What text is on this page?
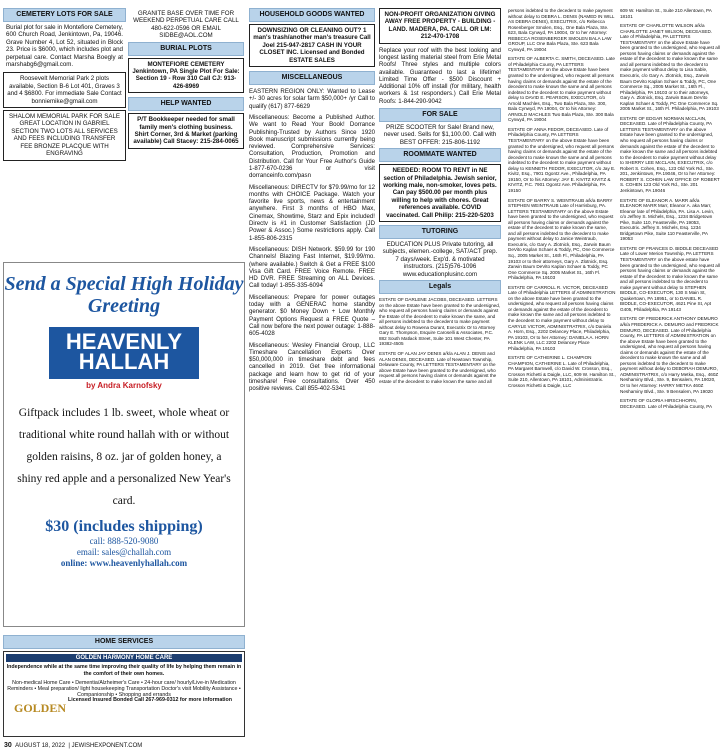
CEMETERY LOTS FOR SALE
Burial plot for sale in Montefiore Cemetery, 600 Church Road, Jenkintown, Pa, 19046. Grave Number 4, Lot 52, situated in Block 23. Price is $6000, which includes plot and perpetual care. Contact Marsha Boegly at marshabg6@gmail.com.
Roosevelt Memorial Park 2 plots available, Section B-6 Lot 401, Graves 3 and 4 $6800. For immediate Sale Contact bonniemike@gmail.com
SHALOM MEMORIAL PARK FOR SALE GREAT LOCATION IN GABRIEL SECTION TWO LOTS ALL SERVICES AND FEES INCLUDING TRANSFER FEE BRONZE PLACQUE WITH ENGRAVING
GRANITE BASE OVER TIME FOR WEEKEND PERPETUAL CARE CALL 480-622-0596 OR EMAIL SIDBE@AOL.COM
BURIAL PLOTS
MONTEFIORE CEMETERY Jenkintown, PA Single Plot For Sale: Section 19 - Row 310 Call CJ: 913-426-8969
HELP WANTED
P/T Bookkeeper needed for small family men's clothing business. Shirt Corner, 3rd & Market (parking available) Call Stacey: 215-284-0065
Send a Special High Holiday Greeting
HEAVENLY
HALLAH
by Andra Karnofsky
Giftpack includes 1 lb. sweet, whole wheat or traditional white round hallah with or without golden raisins, 8 oz. jar of golden honey, a shiny red apple and a personalized New Year's card.
$30 (includes shipping)
call: 888-520-9080
email: sales@challah.com
online: www.heavenlyhallah.com
HOME SERVICES
GOLDEN HARMONY HOME CARE
Independence while at the same time improving their quality of life by helping them remain in the comfort of their own homes.
Non-medical Home Care • Dementia/Alzheimer's Care • 24-hour care/ hourly/Live-in Medication Reminders • Meal preparation/ light housekeeping Transportation Doctor's visit Mobility Assistance • Companionship • Shopping and errands
GOLDEN
Licensed Insured Bonded Call 267-969-0312 for more information
HOUSEHOLD GOODS WANTED
DOWNSIZING OR CLEANING OUT? 1 man's trash/another man's treasure Call Joel 215-947-2817 CASH IN YOUR CLOSET INC. Licensed and Bonded ESTATE SALES
MISCELLANEOUS

EASTERN REGION ONLY: Wanted to Lease +/- 30 acres for solar farm $50,000+ /yr Call to qualify (617) 877-6629

Miscellaneous: Become a Published Author. We want to Read Your Book! Dorrance Publishing-Trusted by Authors Since 1920 Book manuscript submissions currently being reviewed. Comprehensive Services: Consultation, Production, Promotion and Distribution. Call for Your Free Author's Guide 1-877-670-0236 or visit dorranceinfo.com/pasn

Miscellaneous: DIRECTV for $79.99/mo for 12 months with CHOICE Package. Watch your favorite live sports, news & entertainment anywhere. First 3 months of HBO Max, Cinemax, Showtime, Starz and Epix included! Directv is #1 in Customer Satisfaction (JD Power & Assoc.) Some restrictions apply. Call 1-855-806-2315

Miscellaneous: DISH Network. $59.99 for 190 Channels! Blazing Fast Internet, $19.99/mo. (where available.) Switch & Get a FREE $100 Visa Gift Card. FREE Voice Remote. FREE HD DVR. FREE Streaming on ALL Devices. Call today! 1-855-335-6094

Miscellaneous: Prepare for power outages today with a GENERAC home standby generator. $0 Money Down + Low Monthly Payment Options Request a FREE Quote – Call now before the next power outage: 1-888-605-4028

Miscellaneous: Wesley Financial Group, LLC Timeshare Cancellation Experts Over $50,000,000 in timeshare debt and fees cancelled in 2019. Get free informational package and learn how to get rid of your timeshare! Free consultations. Over 450 positive reviews. Call 855-402-5341

NON-PROFIT ORGANIZATION GIVING AWAY FREE PROPERTY - BUILDING - LAND. MADERA, PA. CALL OR LM: 212-470-1708
Replace your roof with the best looking and longest lasting material steel from Erie Metal Roofs! Three styles and multiple colors available. Guaranteed to last a lifetime! Limited Time Offer - $500 Discount + Additional 10% off install (for military, health workers & 1st responders.) Call Erie Metal Roofs: 1-844-290-9042
FOR SALE
PRIZE SCOOTER for Sale! Brand new, never used. Sells for $1,100.00. Call with BEST OFFER: 215-806-1192
ROOMMATE WANTED
NEEDED: ROOM TO RENT in NE section of Philadelphia. Jewish senior, working male, non-smoker, loves pets. Can pay $500.00 per month plus willing to help with chores. Great references available. COVID vaccinated. Call Philip: 215-220-5203
TUTORING
EDUCATION PLUS Private tutoring, all subjects, elemen.-college, SAT/ACT prep. 7 days/week. Exp'd. & motivated instructors. (215)576-1096 www.educationplusinc.com
Legals

ESTATE OF DARLENE JACOBS, DECEASED. LETTERS on the above Estate have been granted to the undersigned, who request all persons having claims or demands against the Estate of the decedent to make known the same, and all persons indebted to the decedent to make payment without delay to Rowena Durant, Executrix Or to Attorney Gary E. Thompson, Esquire Caroselli & Associates, P.C. 882 South Matlack Street, Suite 101 West Chester, PA 19382-4505

ESTATE OF ALAN JAY DENIS a/k/a ALAN J. DENIS and ALAN DENIS, DECEASED. Late of Newtown Township, Delaware County, PA LETTERS TESTAMENTARY on the above Estate have been granted to the undersigned, who request all persons having claims or demands against the estate of the decedent to make known the same and all

persons indebted to the decedent to make payment without delay to DEBRA L. DENIS (NAMED IN WILL AS DEBRA DENIS), EXECUTRIX, c/o Rebecca Rosenberger Smolen, Esq., One Bala Plaza, Ste. 623, Bala Cynwyd, PA 19004, Or to her Attorney: REBECCA ROSENBERGER SMOLEN BALA LAW GROUP, LLC One Bala Plaza, Ste. 623 Bala Cynwyd, PA 19004

ESTATE OF ALBERTA C. SMITH, DECEASED. Late of Philadelphia County, PA LETTERS TESTAMENTARY on the above Estate have been granted to the undersigned, who request all persons having claims or demands against the estate of the decedent to make known the same and all persons indebted to the decedent to make payment without delay to DAVID E. PEARSON, EXECUTOR, c/o Arnold Machles, Esq., Two Bala Plaza, Ste. 300, Bala Cynwyd, PA 19004, Or to his Attorney: ARNOLD MACHLES Two Bala Plaza, Ste. 300 Bala Cynwyd, PA 19004

ESTATE OF ANNA FEDOR, DECEASED. Late of Philadelphia County, PA LETTERS TESTAMENTARY on the above Estate have been granted to the undersigned, who request all persons having claims or demands against the estate of the decedent to make known the same and all persons indebted to the decedent to make payment without delay to KENNETH FEDOR, EXECUTOR, c/o Jay E. Kivitz, Esq., 7901 Ogontz Ave., Philadelphia, PA 19150, Or to his Attorney: JAY E. KIVITZ KIVITZ & KIVITZ, P.C. 7901 Ogontz Ave. Philadelphia, PA 19150

ESTATE OF BARRY S. WEINTRAUB a/k/a BARRY STEPHEN WEINTRAUB Late of Harrisburg, PA. LETTERS TESTAMENTARY on the above Estate have been granted to the undersigned, who request all persons having claims or demands against the estate of the decedent to make known the same, and all persons indebted to the decedent to make payment without delay to Janice Weintraub, Executrix, c/o Gary A. Zlotnick, Esq., Zarwin Baum DeVito Kaplan Schaer & Toddy, PC, One Commerce Sq., 2005 Market St., 16th Fl., Philadelphia, PA 19103 or to their attorneys, Gary A. Zlotnick, Esq. Zarwin Baum DeVito Kaplan Schaer & Toddy, PC One Commerce Sq. 2005 Market St., 16th Fl. Philadelphia, PA 19103

ESTATE OF CARROLL R. VICTOR, DECEASED Late of Philadelphia LETTERS of ADMINISTRATION on the above Estate have been granted to the undersigned, who request all persons having claims or demands against the estate of the decedent to make known the same and all persons indebted to the decedent to make payment without delay to CARYLE VICTOR, ADMINISTRATRIX, c/o Daniela A. Horn, Esq., 2202 Delancey Place, Philadelphia, PA 19103, Or to her Attorney: DANIELA A. HORN KLENK LAW, LLC 2202 Delancey Place Philadelphia, PA 19103

ESTATE OF CATHERINE L. CHAMPION CHAMPION, CATHERINE L. Late of Philadelphia, PA Margaret Barnwell, c/o David W. Crosson, Esq., Crosson Richetti & Daigle, LLC, 609 W. Hamilton St., Suite 210, Allentown, PA 18101, Administratrix. Crosson Richetti & Daigle, LLC

609 W. Hamilton St., Suite 210 Allentown, PA 18101

ESTATE OF CHARLOTTE WILSON a/k/a CHARLOTTE JANET WILSON, DECEASED. Late of Philadelphia, PA LETTERS TESTAMENTARY on the above Estate have been granted to the undersigned, who request all persons having claims or demands against the estate of the decedent to make known the same and all persons indebted to the decedent to make payment without delay to Lisa Sable, Executrix, c/o Gary A. Zlotnick, Esq., Zarwin Baum DeVito Kaplan Schaer & Toddy, PC, One Commerce Sq., 2005 Market St., 16th Fl., Philadelphia, PA 19103 or to their attorneys, Gary A. Zlotnick, Esq. Zarwin Baum DeVito Kaplan Schaer & Toddy, PC One Commerce Sq. 2005 Market St., 16th Fl. Philadelphia, PA 19103

ESTATE OF EDGAR NORMAN McCLAIN, DECEASED. Late of Philadelphia County, PA LETTERS TESTAMENTARY on the above Estate have been granted to the undersigned, who request all persons having claims or demands against the estate of the decedent to make known the same and all persons indebted to the decedent to make payment without delay to SHERRY LEE McCLAIN, EXECUTRIX, c/o Robert S. Cohen, Esq., 123 Old York Rd., Ste. 201, Jenkintown, PA 19046, Or to her Attorney: ROBERT S. COHEN LAW OFFICE OF ROBERT S. COHEN 123 Old York Rd., Ste. 201 Jenkintown, PA 19046

ESTATE OF ELEANOR A. MARR a/k/a ELEANOR MARR Marr, Eleanor A. aka Marr, Eleanor late of Philadelphia, PA. Lisa A. Levin, c/o Jeffrey S. Michels, Esq., 1234 Bridgetown Pike, Suite 110, Feasterville, PA 19053, Executrix. Jeffrey S. Michels, Esq. 1234 Bridgetown Pike, Suite 110 Feasterville, PA 19053

ESTATE OF FRANCES D. BIDDLE DECEASED Late of Lower Merion Township, PA LETTERS TESTAMENTARY on the above estate have been granted to the undersigned, who request all persons having claims or demands against the estate of the decedent to make known the same and all persons indebted to the decedent to make payment without delay to STEPHEN BIDDLE, CO-EXECUTOR, 130 S Main St, Quakertown, PA 18951, or to DANIEL R. BIDDLE, CO-EXECUTOR, 4621 Pine St, Apt G405, Philadelphia, PA 19143

ESTATE OF FREDERICK ANTHONY DEMURO a/k/a FREDERICK A. DEMURO and FREDRICK DEMURO, DECEASED. Late of Philadelphia County, PA LETTERS of ADMINISTRATION on the above Estate have been granted to the undersigned, who request all persons having claims or demands against the estate of the decedent to make known the same and all persons indebted to the decedent to make payment without delay to DEBORAH DEMURO, ADMINISTRATRIX, c/o Harry Metka, Esq., 460Z Neshaminy Blvd., Ste. 9, Bensalem, PA 19020, Or to her Attorney: HARRY METKA 460Z Neshaminy Blvd., Ste. 9 Bensalem, PA 19020

ESTATE OF GLORIA HIRSCHHORN, DECEASED. Late of Philadelphia County, PA

30 AUGUST 18, 2022  | JEWISHEXPONENT.COM
